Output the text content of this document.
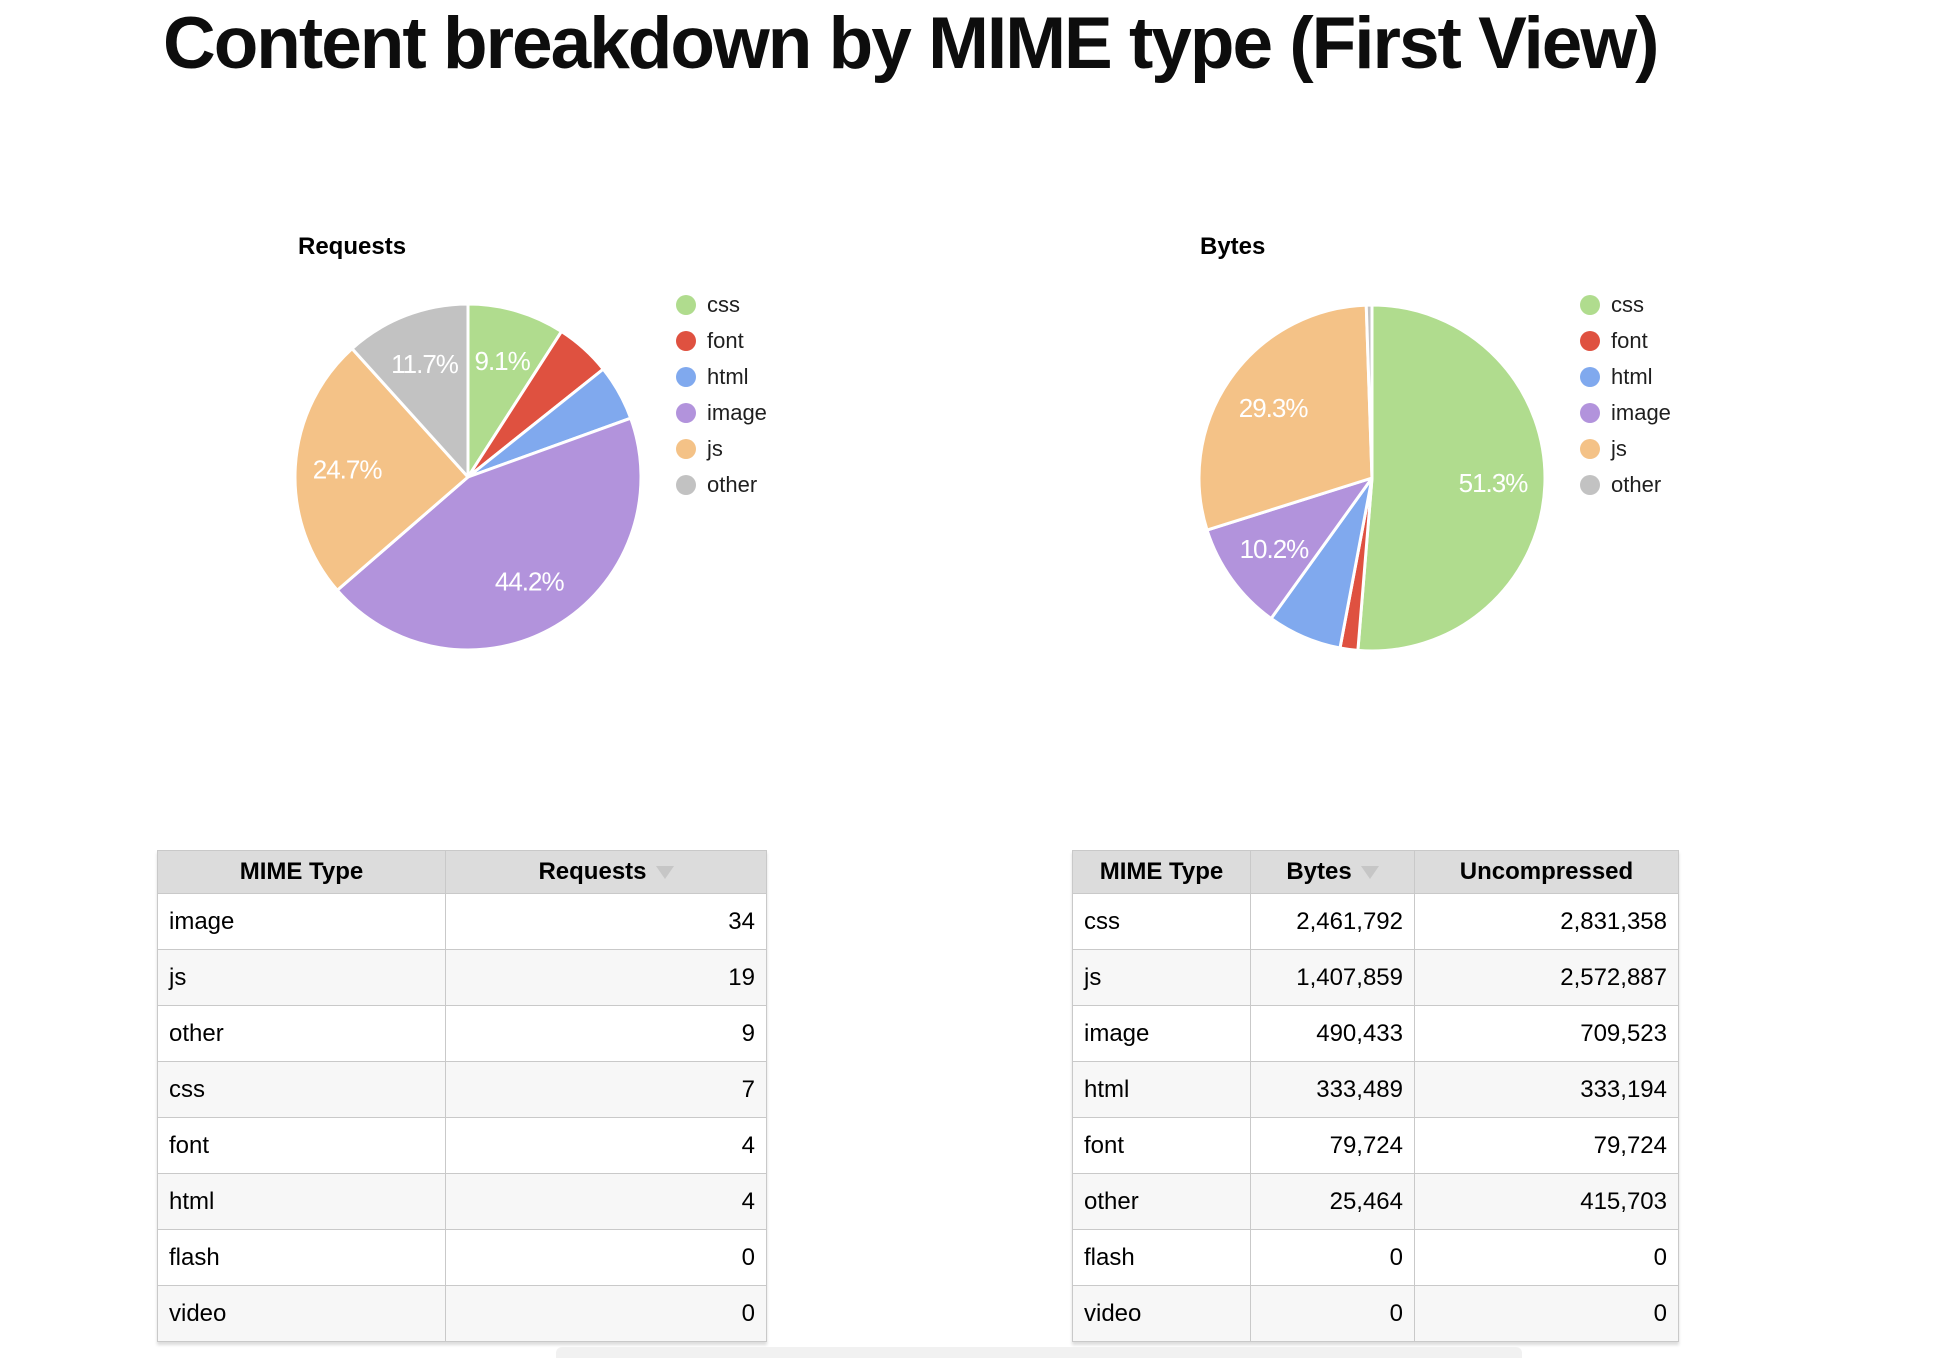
Content breakdown by MIME type (First View)
Requests
9.1%
44.2%
24.7%
11.7%
css
font
html
image
js
other
Bytes
51.3%
10.2%
29.3%
css
font
html
image
js
other
MIME Type	Requests
image	34
js	19
other	9
css	7
font	4
html	4
flash	0
video	0
MIME Type	Bytes	Uncompressed
css	2,461,792	2,831,358
js	1,407,859	2,572,887
image	490,433	709,523
html	333,489	333,194
font	79,724	79,724
other	25,464	415,703
flash	0	0
video	0	0
